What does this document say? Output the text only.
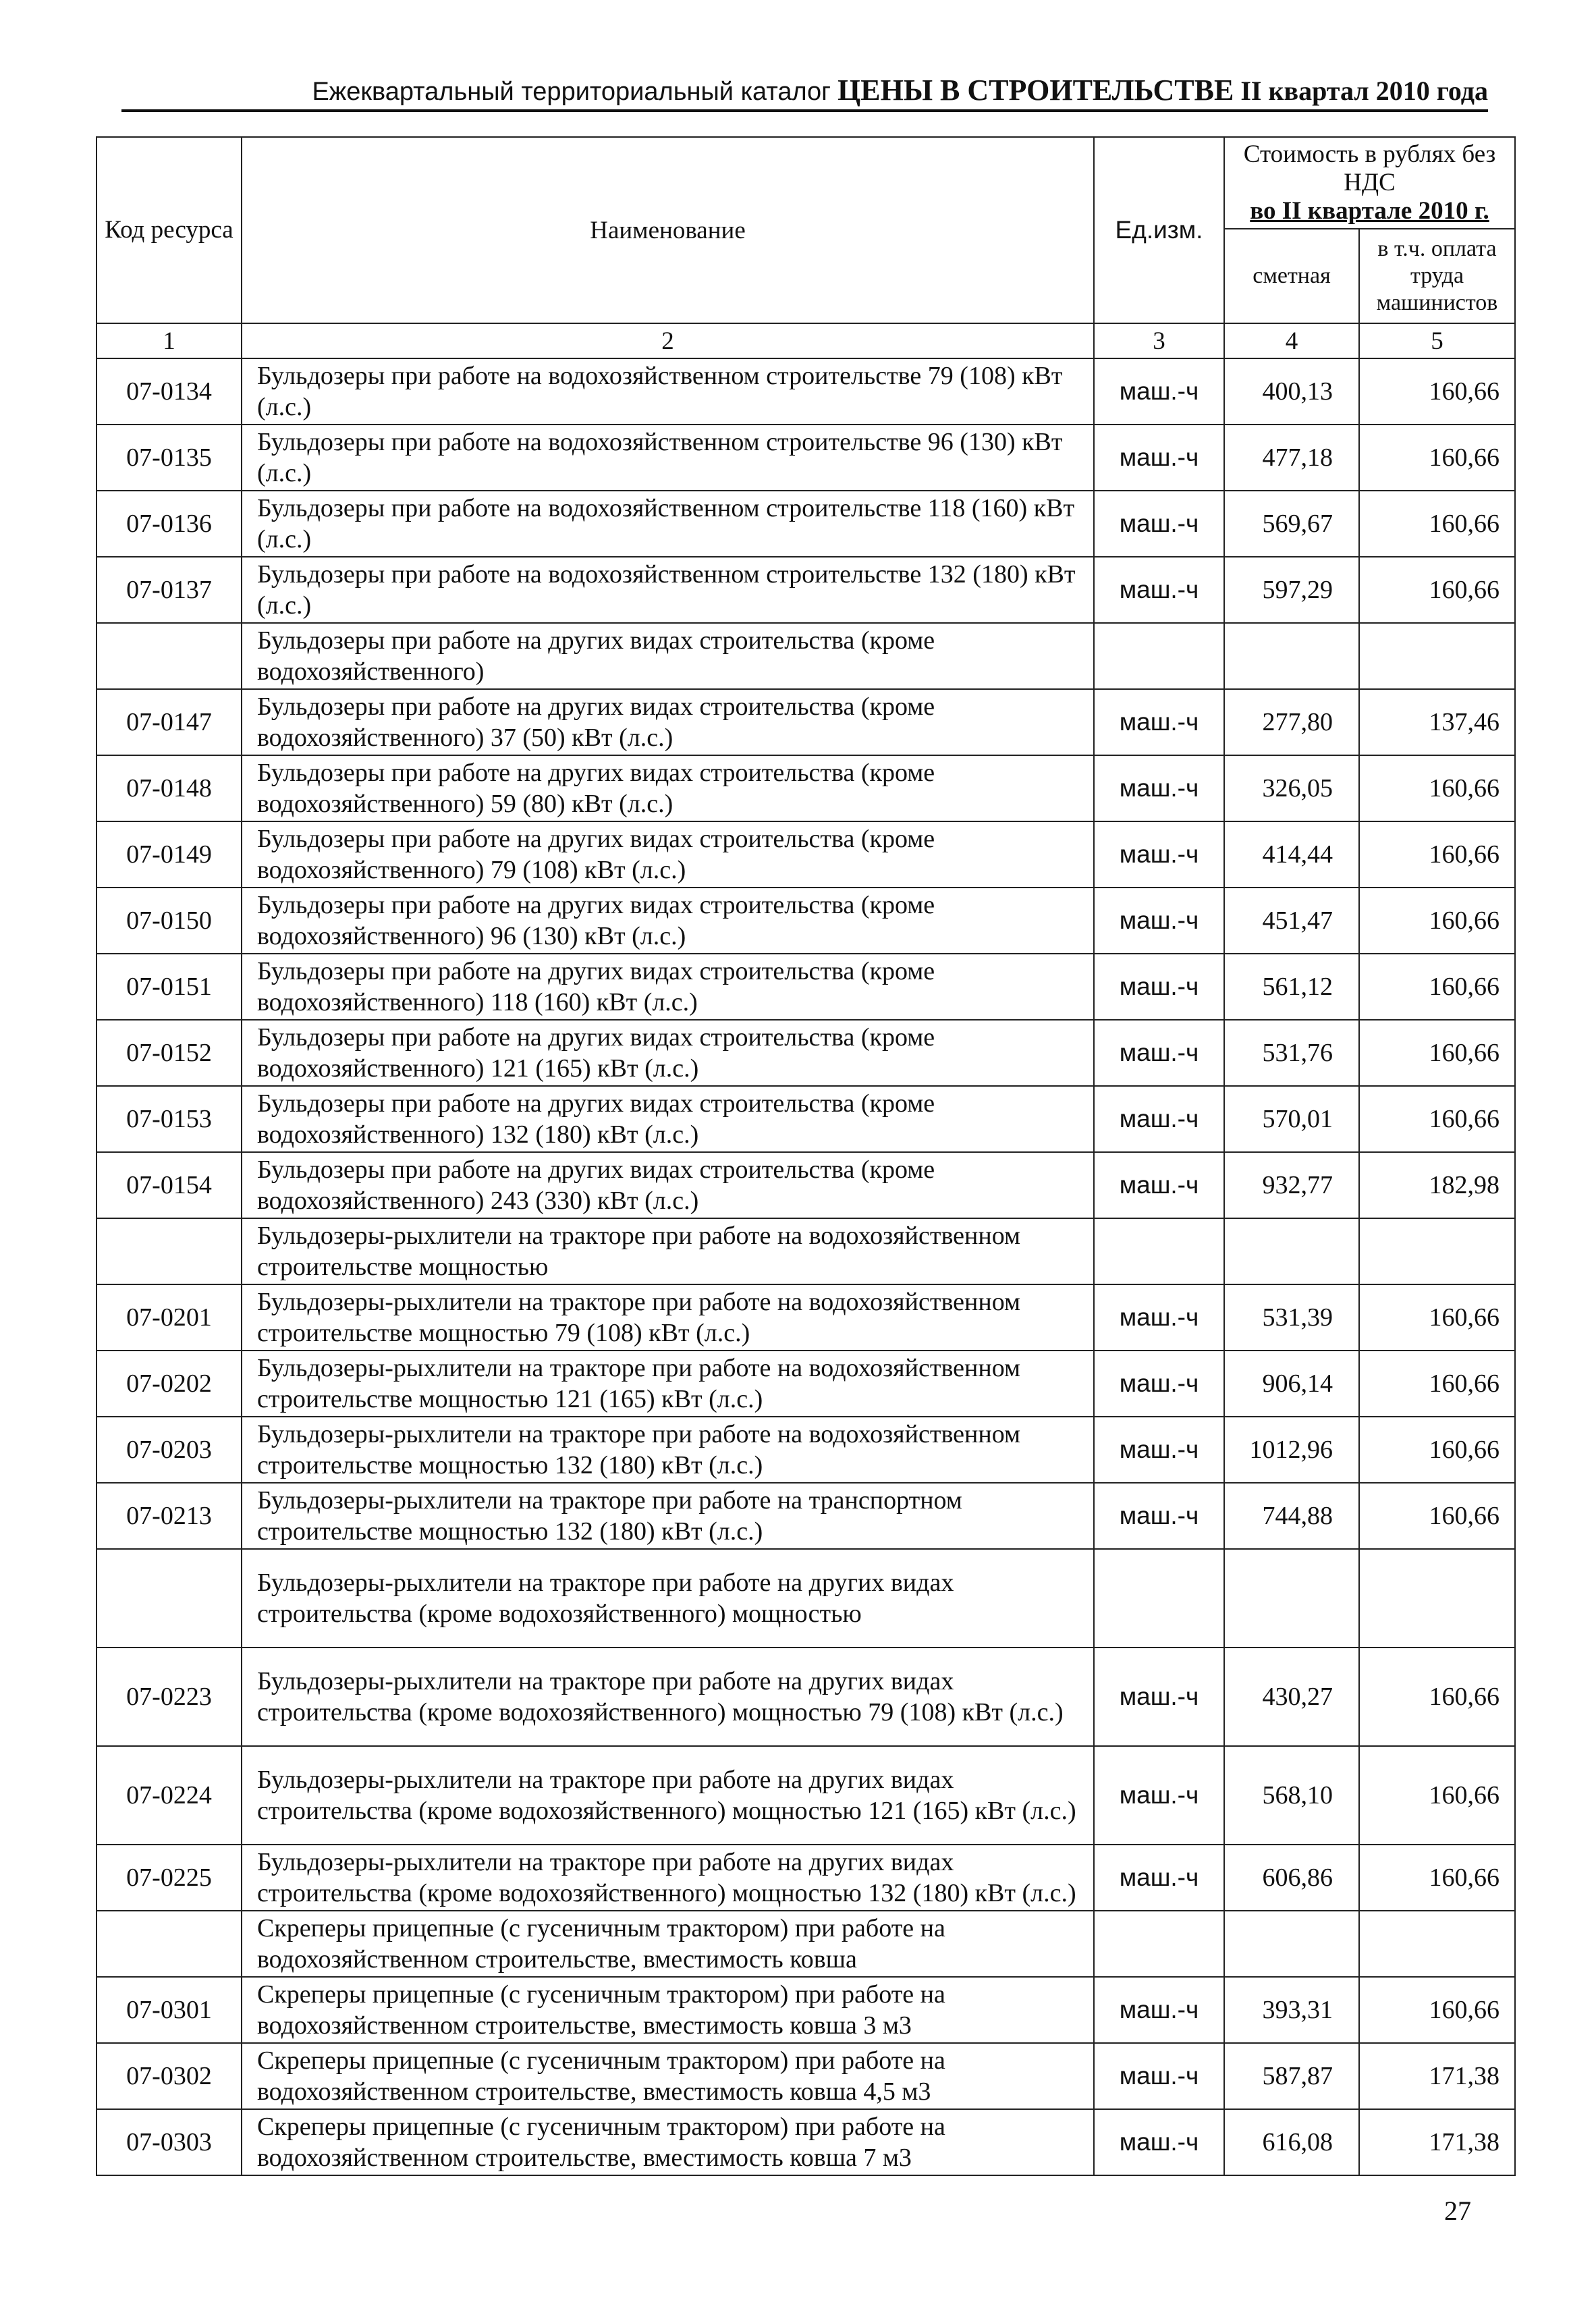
Ежеквартальный территориальный каталог ЦЕНЫ В СТРОИТЕЛЬСТВЕ II квартал 2010 года
Код ресурса	Наименование	Ед.изм.	Стоимость в рублях без НДС
во II квартале 2010 г.	
			сметная	в т.ч. оплата труда машинистов
1	2	3	4	5
07-0134	Бульдозеры при работе на водохозяйственном строительстве 79 (108) кВт (л.с.)	маш.-ч	400,13	160,66
07-0135	Бульдозеры при работе на водохозяйственном строительстве 96 (130) кВт (л.с.)	маш.-ч	477,18	160,66
07-0136	Бульдозеры при работе на водохозяйственном строительстве 118 (160) кВт (л.с.)	маш.-ч	569,67	160,66
07-0137	Бульдозеры при работе на водохозяйственном строительстве 132 (180) кВт (л.с.)	маш.-ч	597,29	160,66
	Бульдозеры при работе на других видах строительства (кроме водохозяйственного)			
07-0147	Бульдозеры при работе на других видах строительства (кроме водохозяйственного) 37 (50) кВт (л.с.)	маш.-ч	277,80	137,46
07-0148	Бульдозеры при работе на других видах строительства (кроме водохозяйственного) 59 (80) кВт (л.с.)	маш.-ч	326,05	160,66
07-0149	Бульдозеры при работе на других видах строительства (кроме водохозяйственного) 79 (108) кВт (л.с.)	маш.-ч	414,44	160,66
07-0150	Бульдозеры при работе на других видах строительства (кроме водохозяйственного) 96 (130) кВт (л.с.)	маш.-ч	451,47	160,66
07-0151	Бульдозеры при работе на других видах строительства (кроме водохозяйственного) 118 (160) кВт (л.с.)	маш.-ч	561,12	160,66
07-0152	Бульдозеры при работе на других видах строительства (кроме водохозяйственного) 121 (165) кВт (л.с.)	маш.-ч	531,76	160,66
07-0153	Бульдозеры при работе на других видах строительства (кроме водохозяйственного) 132 (180) кВт (л.с.)	маш.-ч	570,01	160,66
07-0154	Бульдозеры при работе на других видах строительства (кроме водохозяйственного) 243 (330) кВт (л.с.)	маш.-ч	932,77	182,98
	Бульдозеры-рыхлители на тракторе при работе на водохозяйственном строительстве мощностью			
07-0201	Бульдозеры-рыхлители на тракторе при работе на водохозяйственном строительстве мощностью 79 (108) кВт (л.с.)	маш.-ч	531,39	160,66
07-0202	Бульдозеры-рыхлители на тракторе при работе на водохозяйственном строительстве мощностью 121 (165) кВт (л.с.)	маш.-ч	906,14	160,66
07-0203	Бульдозеры-рыхлители на тракторе при работе на водохозяйственном строительстве мощностью 132 (180) кВт (л.с.)	маш.-ч	1012,96	160,66
07-0213	Бульдозеры-рыхлители на тракторе при работе на транспортном строительстве мощностью 132 (180) кВт (л.с.)	маш.-ч	744,88	160,66
	Бульдозеры-рыхлители на тракторе при работе на других видах строительства (кроме водохозяйственного) мощностью			
07-0223	Бульдозеры-рыхлители на тракторе при работе на других видах строительства (кроме водохозяйственного) мощностью 79 (108) кВт (л.с.)	маш.-ч	430,27	160,66
07-0224	Бульдозеры-рыхлители на тракторе при работе на других видах строительства (кроме водохозяйственного) мощностью 121 (165) кВт (л.с.)	маш.-ч	568,10	160,66
07-0225	Бульдозеры-рыхлители на тракторе при работе на других видах строительства (кроме водохозяйственного) мощностью 132 (180) кВт (л.с.)	маш.-ч	606,86	160,66
	Скреперы прицепные (с гусеничным трактором) при работе на водохозяйственном строительстве, вместимость ковша			
07-0301	Скреперы прицепные (с гусеничным трактором) при работе на водохозяйственном строительстве, вместимость ковша 3 м3	маш.-ч	393,31	160,66
07-0302	Скреперы прицепные (с гусеничным трактором) при работе на водохозяйственном строительстве, вместимость ковша 4,5 м3	маш.-ч	587,87	171,38
07-0303	Скреперы прицепные (с гусеничным трактором) при работе на водохозяйственном строительстве, вместимость ковша 7 м3	маш.-ч	616,08	171,38
27
